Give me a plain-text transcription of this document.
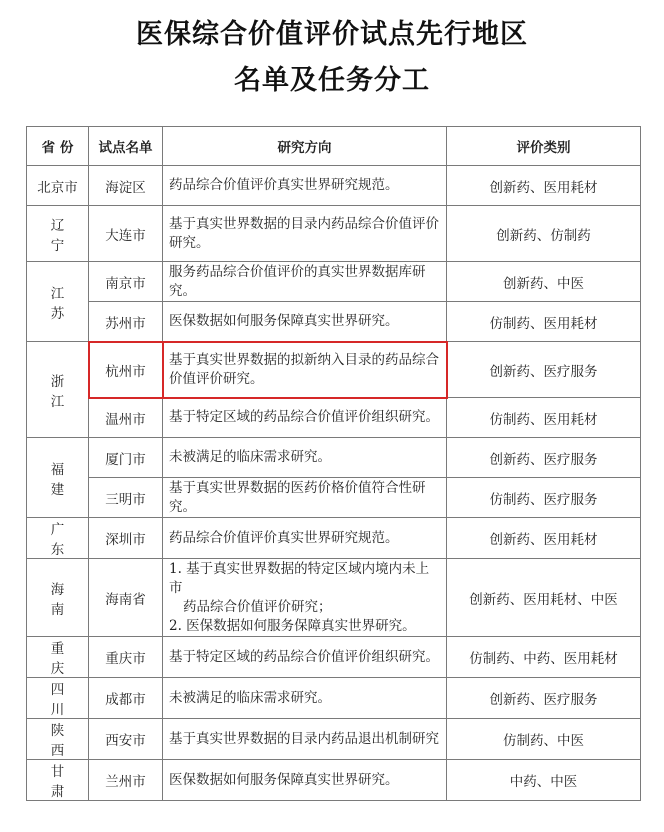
医保综合价值评价试点先行地区
名单及任务分工
省 份	试点名单	研究方向	评价类别
北京市	海淀区	药品综合价值评价真实世界研究规范。	创新药、医用耗材
辽宁	大连市	基于真实世界数据的目录内药品综合价值评价研究。	创新药、仿制药
江苏	南京市	服务药品综合价值评价的真实世界数据库研究。	创新药、中医
	苏州市	医保数据如何服务保障真实世界研究。	仿制药、医用耗材
浙江	杭州市	基于真实世界数据的拟新纳入目录的药品综合价值评价研究。	创新药、医疗服务
	温州市	基于特定区域的药品综合价值评价组织研究。	仿制药、医用耗材
福建	厦门市	未被满足的临床需求研究。	创新药、医疗服务
	三明市	基于真实世界数据的医药价格价值符合性研究。	仿制药、医疗服务
广东	深圳市	药品综合价值评价真实世界研究规范。	创新药、医用耗材
海南	海南省	1. 基于真实世界数据的特定区域内境内未上市
药品综合价值评价研究；
2. 医保数据如何服务保障真实世界研究。	创新药、医用耗材、中医
重庆	重庆市	基于特定区域的药品综合价值评价组织研究。	仿制药、中药、医用耗材
四川	成都市	未被满足的临床需求研究。	创新药、医疗服务
陕西	西安市	基于真实世界数据的目录内药品退出机制研究	仿制药、中医
甘肃	兰州市	医保数据如何服务保障真实世界研究。	中药、中医
